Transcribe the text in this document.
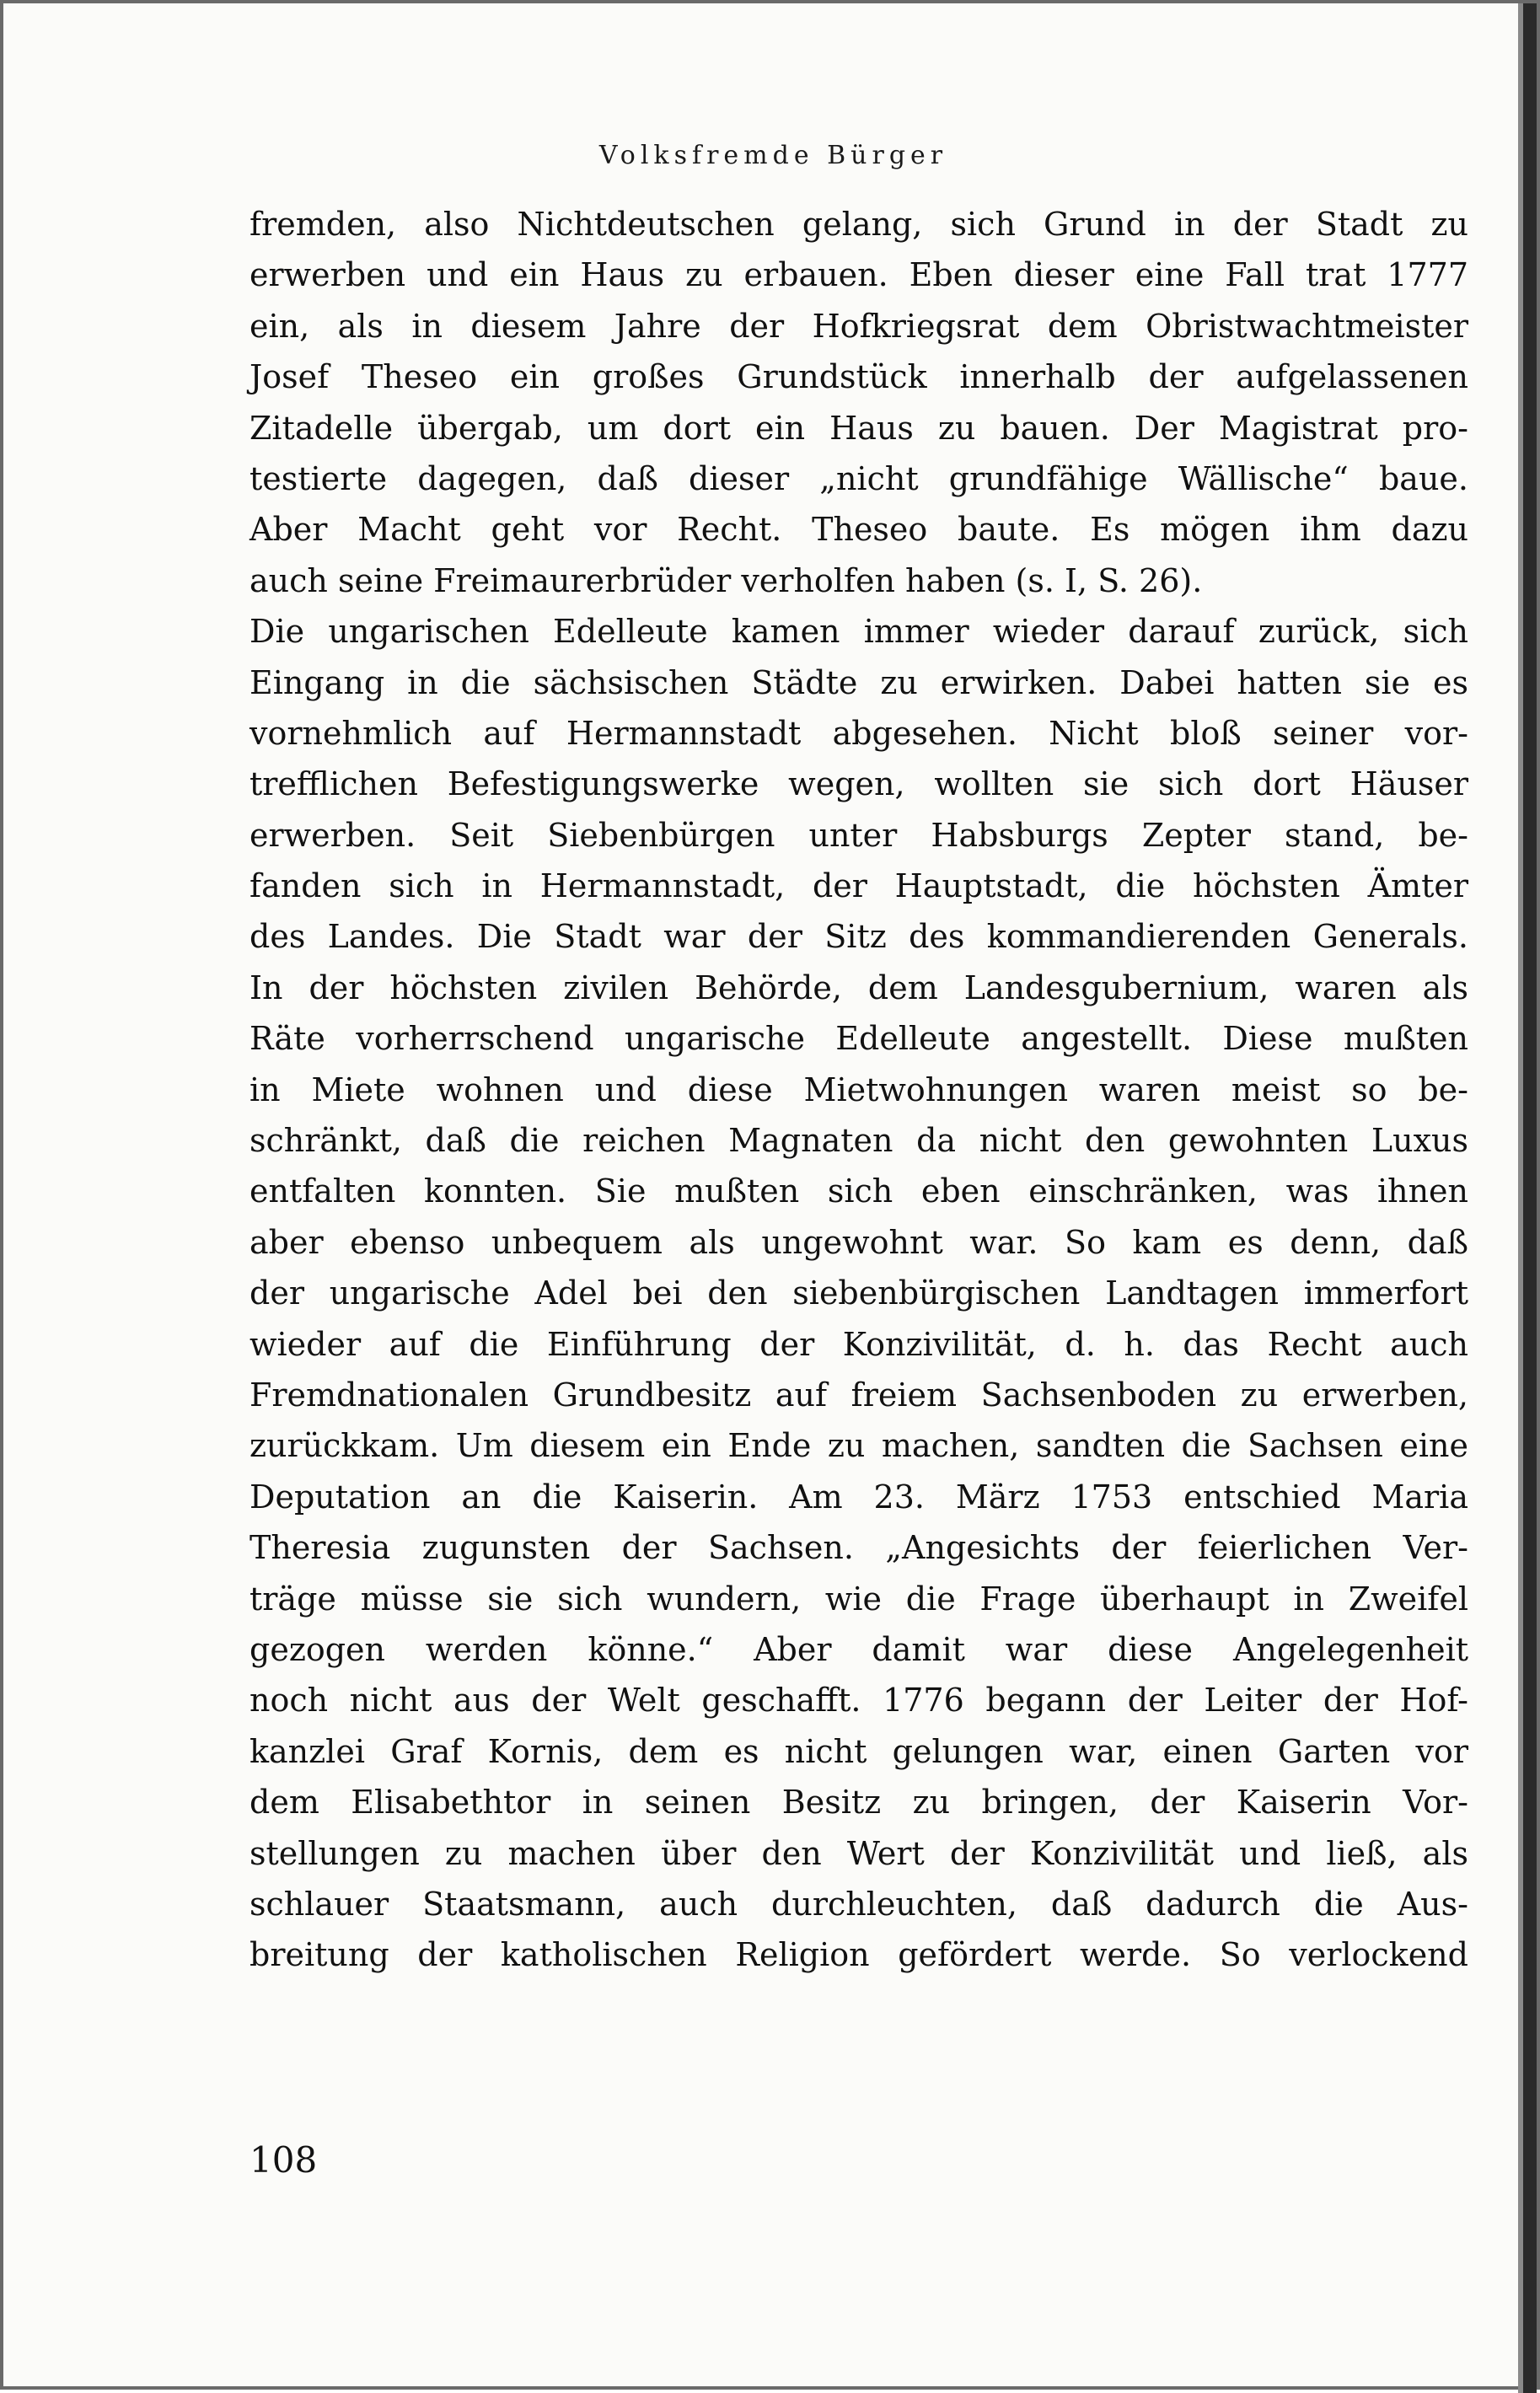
Volksfremde Bürger
fremden, also Nichtdeutschen gelang, sich Grund in der Stadt zu
erwerben und ein Haus zu erbauen. Eben dieser eine Fall trat 1777
ein, als in diesem Jahre der Hofkriegsrat dem Obristwachtmeister
Josef Theseo ein großes Grundstück innerhalb der aufgelassenen
Zitadelle übergab, um dort ein Haus zu bauen. Der Magistrat pro-
testierte dagegen, daß dieser „nicht grundfähige Wällische“ baue.
Aber Macht geht vor Recht. Theseo baute. Es mögen ihm dazu
auch seine Freimaurerbrüder verholfen haben (s. I, S. 26).
Die ungarischen Edelleute kamen immer wieder darauf zurück, sich
Eingang in die sächsischen Städte zu erwirken. Dabei hatten sie es
vornehmlich auf Hermannstadt abgesehen. Nicht bloß seiner vor-
trefflichen Befestigungswerke wegen, wollten sie sich dort Häuser
erwerben. Seit Siebenbürgen unter Habsburgs Zepter stand, be-
fanden sich in Hermannstadt, der Hauptstadt, die höchsten Ämter
des Landes. Die Stadt war der Sitz des kommandierenden Generals.
In der höchsten zivilen Behörde, dem Landesgubernium, waren als
Räte vorherrschend ungarische Edelleute angestellt. Diese mußten
in Miete wohnen und diese Mietwohnungen waren meist so be-
schränkt, daß die reichen Magnaten da nicht den gewohnten Luxus
entfalten konnten. Sie mußten sich eben einschränken, was ihnen
aber ebenso unbequem als ungewohnt war. So kam es denn, daß
der ungarische Adel bei den siebenbürgischen Landtagen immerfort
wieder auf die Einführung der Konzivilität, d. h. das Recht auch
Fremdnationalen Grundbesitz auf freiem Sachsenboden zu erwerben,
zurückkam. Um diesem ein Ende zu machen, sandten die Sachsen eine
Deputation an die Kaiserin. Am 23. März 1753 entschied Maria
Theresia zugunsten der Sachsen. „Angesichts der feierlichen Ver-
träge müsse sie sich wundern, wie die Frage überhaupt in Zweifel
gezogen werden könne.“ Aber damit war diese Angelegenheit
noch nicht aus der Welt geschafft. 1776 begann der Leiter der Hof-
kanzlei Graf Kornis, dem es nicht gelungen war, einen Garten vor
dem Elisabethtor in seinen Besitz zu bringen, der Kaiserin Vor-
stellungen zu machen über den Wert der Konzivilität und ließ, als
schlauer Staatsmann, auch durchleuchten, daß dadurch die Aus-
breitung der katholischen Religion gefördert werde. So verlockend
108
